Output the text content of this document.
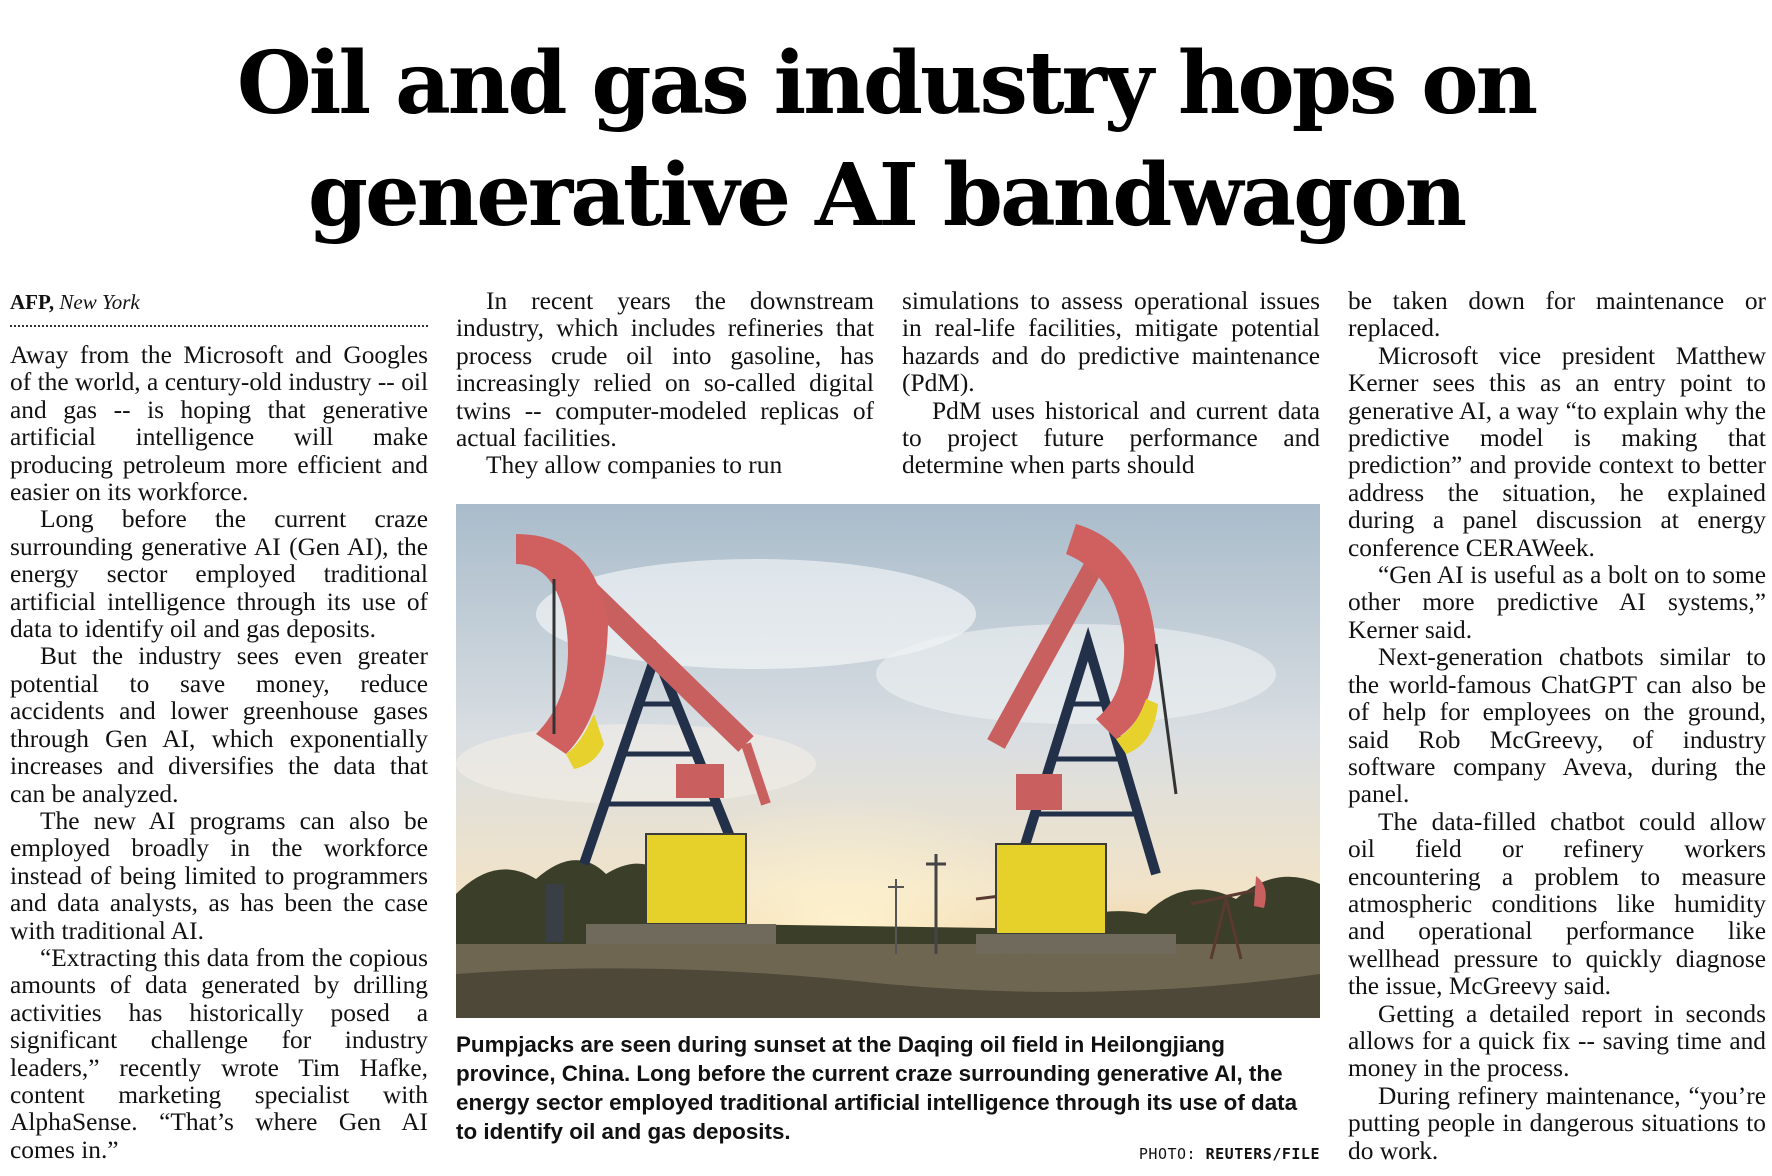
Oil and gas industry hops on
generative AI bandwagon
AFP, New York

Away from the Microsoft and Googles of the world, a century-old industry -- oil and gas -- is hoping that generative artificial intelligence will make producing petroleum more efficient and easier on its workforce.

Long before the current craze surrounding generative AI (Gen AI), the energy sector employed traditional artificial intelligence through its use of data to identify oil and gas deposits.

But the industry sees even greater potential to save money, reduce accidents and lower greenhouse gases through Gen AI, which exponentially increases and diversifies the data that can be analyzed.

The new AI programs can also be employed broadly in the workforce instead of being limited to programmers and data analysts, as has been the case with traditional AI.

“Extracting this data from the copious amounts of data generated by drilling activities has historically posed a significant challenge for industry leaders,” recently wrote Tim Hafke, content marketing specialist with AlphaSense. “That’s where Gen AI comes in.”

In recent years the downstream industry, which includes refineries that process crude oil into gasoline, has increasingly relied on so-called digital twins -- computer-modeled replicas of actual facilities.

They allow companies to run

simulations to assess operational issues in real-life facilities, mitigate potential hazards and do predictive maintenance (PdM).

PdM uses historical and current data to project future performance and determine when parts should

be taken down for maintenance or replaced.

Microsoft vice president Matthew Kerner sees this as an entry point to generative AI, a way “to explain why the predictive model is making that prediction” and provide context to better address the situation, he explained during a panel discussion at energy conference CERAWeek.

“Gen AI is useful as a bolt on to some other more predictive AI systems,” Kerner said.

Next-generation chatbots similar to the world-famous ChatGPT can also be of help for employees on the ground, said Rob McGreevy, of industry software company Aveva, during the panel.

The data-filled chatbot could allow oil field or refinery workers encountering a problem to measure atmospheric conditions like humidity and operational performance like wellhead pressure to quickly diagnose the issue, McGreevy said.

Getting a detailed report in seconds allows for a quick fix -- saving time and money in the process.

During refinery maintenance, “you’re putting people in dangerous situations to do work.

Pumpjacks are seen during sunset at the Daqing oil field in Heilongjiang province, China. Long before the current craze surrounding generative AI, the energy sector employed traditional artificial intelligence through its use of data to identify oil and gas deposits.
PHOTO: REUTERS/FILE
